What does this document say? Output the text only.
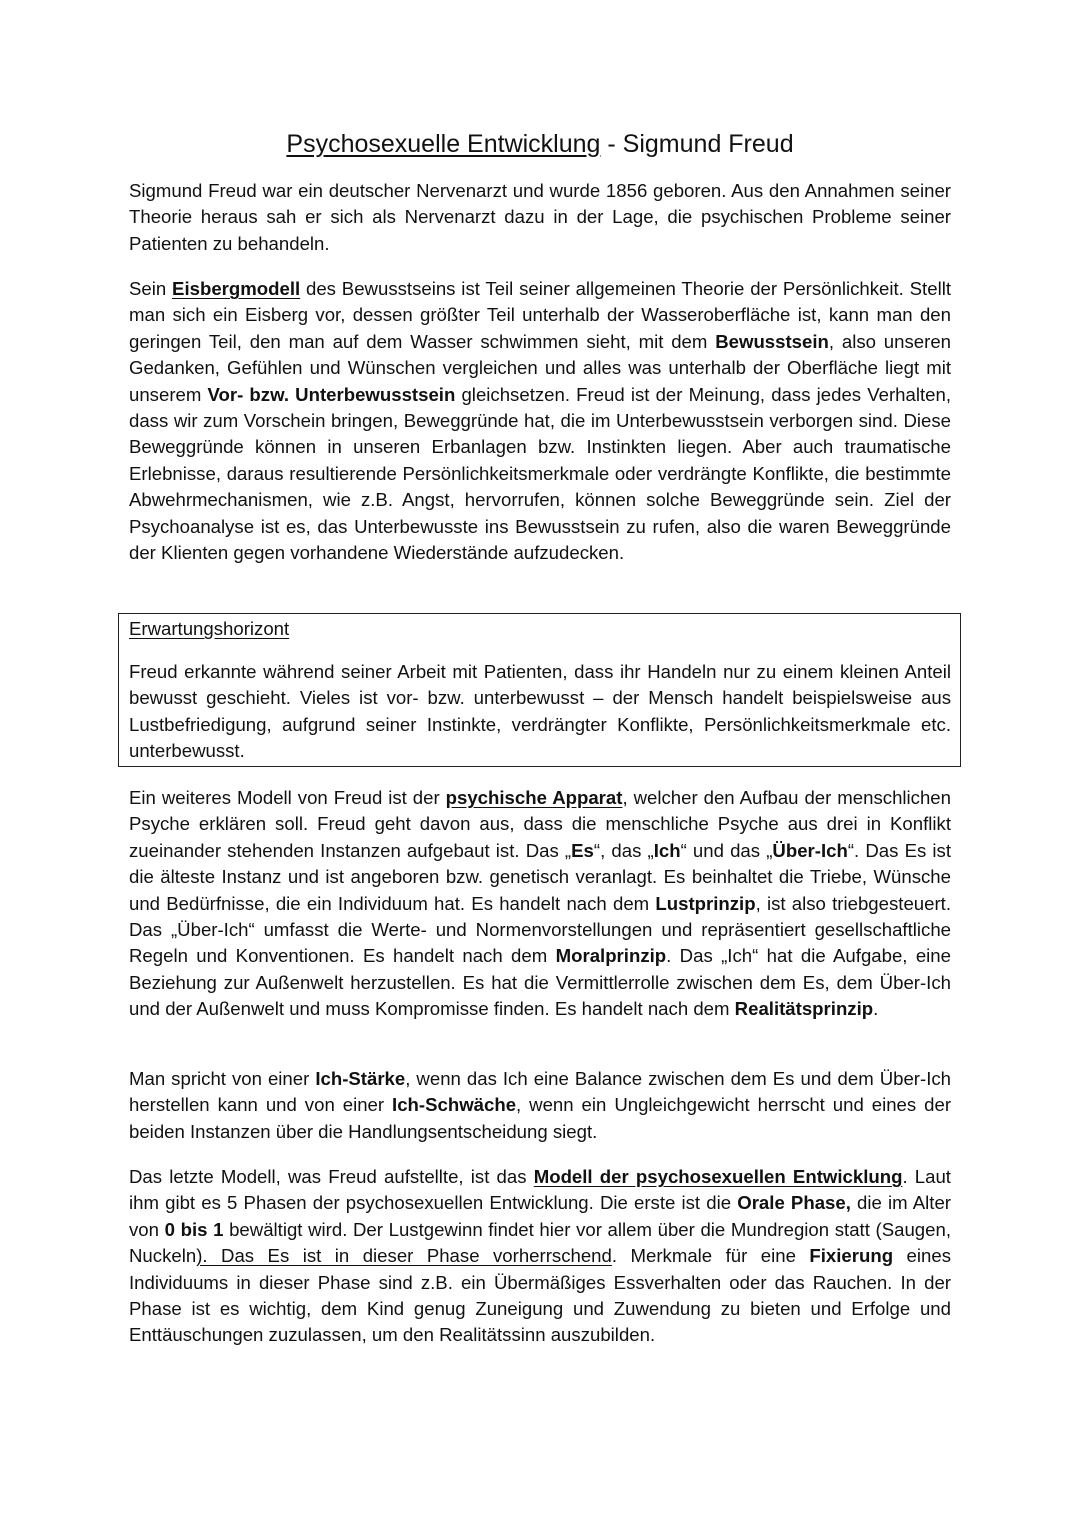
Psychosexuelle Entwicklung - Sigmund Freud

Sigmund Freud war ein deutscher Nervenarzt und wurde 1856 geboren. Aus den Annahmen seiner Theorie heraus sah er sich als Nervenarzt dazu in der Lage, die psychischen Probleme seiner Patienten zu behandeln.

Sein Eisbergmodell des Bewusstseins ist Teil seiner allgemeinen Theorie der Persönlichkeit. Stellt man sich ein Eisberg vor, dessen größter Teil unterhalb der Wasseroberfläche ist, kann man den geringen Teil, den man auf dem Wasser schwimmen sieht, mit dem Bewusstsein, also unseren Gedanken, Gefühlen und Wünschen vergleichen und alles was unterhalb der Oberfläche liegt mit unserem Vor- bzw. Unterbewusstsein gleichsetzen. Freud ist der Meinung, dass jedes Verhalten, dass wir zum Vorschein bringen, Beweggründe hat, die im Unterbewusstsein verborgen sind. Diese Beweggründe können in unseren Erbanlagen bzw. Instinkten liegen. Aber auch traumatische Erlebnisse, daraus resultierende Persönlichkeitsmerkmale oder verdrängte Konflikte, die bestimmte Abwehrmechanismen, wie z.B. Angst, hervorrufen, können solche Beweggründe sein. Ziel der Psychoanalyse ist es, das Unterbewusste ins Bewusstsein zu rufen, also die waren Beweggründe der Klienten gegen vorhandene Wiederstände aufzudecken.

Erwartungshorizont

Freud erkannte während seiner Arbeit mit Patienten, dass ihr Handeln nur zu einem kleinen Anteil bewusst geschieht. Vieles ist vor- bzw. unterbewusst – der Mensch handelt beispielsweise aus Lustbefriedigung, aufgrund seiner Instinkte, verdrängter Konflikte, Persönlichkeitsmerkmale etc. unterbewusst.

Ein weiteres Modell von Freud ist der psychische Apparat, welcher den Aufbau der menschlichen Psyche erklären soll. Freud geht davon aus, dass die menschliche Psyche aus drei in Konflikt zueinander stehenden Instanzen aufgebaut ist. Das „Es“, das „Ich“ und das „Über-Ich“. Das Es ist die älteste Instanz und ist angeboren bzw. genetisch veranlagt. Es beinhaltet die Triebe, Wünsche und Bedürfnisse, die ein Individuum hat. Es handelt nach dem Lustprinzip, ist also triebgesteuert. Das „Über-Ich“ umfasst die Werte- und Normenvorstellungen und repräsentiert gesellschaftliche Regeln und Konventionen. Es handelt nach dem Moralprinzip. Das „Ich“ hat die Aufgabe, eine Beziehung zur Außenwelt herzustellen. Es hat die Vermittlerrolle zwischen dem Es, dem Über-Ich und der Außenwelt und muss Kompromisse finden. Es handelt nach dem Realitätsprinzip.

Man spricht von einer Ich-Stärke, wenn das Ich eine Balance zwischen dem Es und dem Über-Ich herstellen kann und von einer Ich-Schwäche, wenn ein Ungleichgewicht herrscht und eines der beiden Instanzen über die Handlungsentscheidung siegt.

Das letzte Modell, was Freud aufstellte, ist das Modell der psychosexuellen Entwicklung. Laut ihm gibt es 5 Phasen der psychosexuellen Entwicklung. Die erste ist die Orale Phase, die im Alter von 0 bis 1 bewältigt wird. Der Lustgewinn findet hier vor allem über die Mundregion statt (Saugen, Nuckeln). Das Es ist in dieser Phase vorherrschend. Merkmale für eine Fixierung eines Individuums in dieser Phase sind z.B. ein Übermäßiges Essverhalten oder das Rauchen. In der Phase ist es wichtig, dem Kind genug Zuneigung und Zuwendung zu bieten und Erfolge und Enttäuschungen zuzulassen, um den Realitätssinn auszubilden.
